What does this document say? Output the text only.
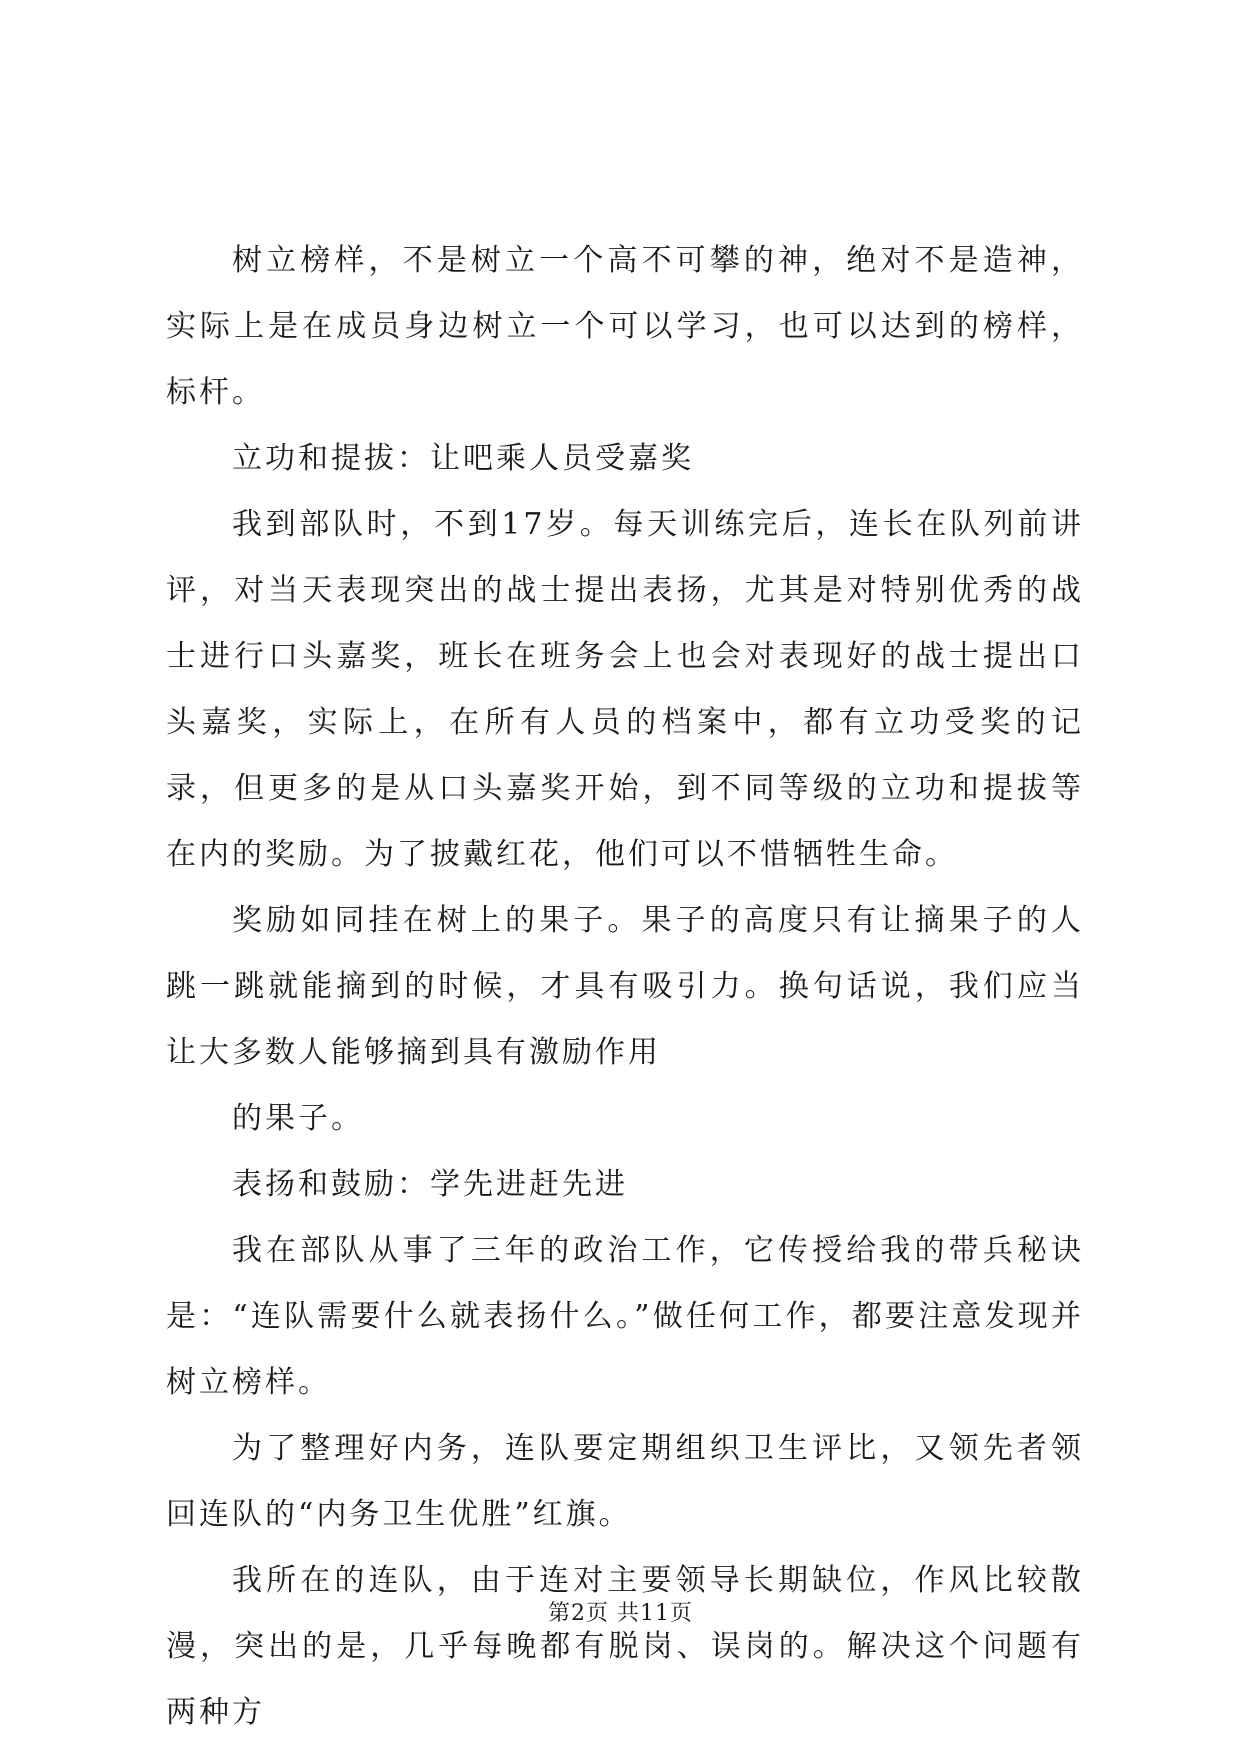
树立榜样，不是树立一个高不可攀的神，绝对不是造神，实际上是在成员身边树立一个可以学习，也可以达到的榜样，标杆。

立功和提拔：让吧乘人员受嘉奖

我到部队时，不到17岁。每天训练完后，连长在队列前讲评，对当天表现突出的战士提出表扬，尤其是对特别优秀的战士进行口头嘉奖，班长在班务会上也会对表现好的战士提出口头嘉奖，实际上，在所有人员的档案中，都有立功受奖的记录，但更多的是从口头嘉奖开始，到不同等级的立功和提拔等在内的奖励。为了披戴红花，他们可以不惜牺牲生命。

奖励如同挂在树上的果子。果子的高度只有让摘果子的人跳一跳就能摘到的时候，才具有吸引力。换句话说，我们应当让大多数人能够摘到具有激励作用

的果子。

表扬和鼓励：学先进赶先进

我在部队从事了三年的政治工作，它传授给我的带兵秘诀是：“连队需要什么就表扬什么。”做任何工作，都要注意发现并树立榜样。

为了整理好内务，连队要定期组织卫生评比，又领先者领回连队的“内务卫生优胜”红旗。

我所在的连队，由于连对主要领导长期缺位，作风比较散漫，突出的是，几乎每晚都有脱岗、误岗的。解决这个问题有两种方

第2页 共11页
